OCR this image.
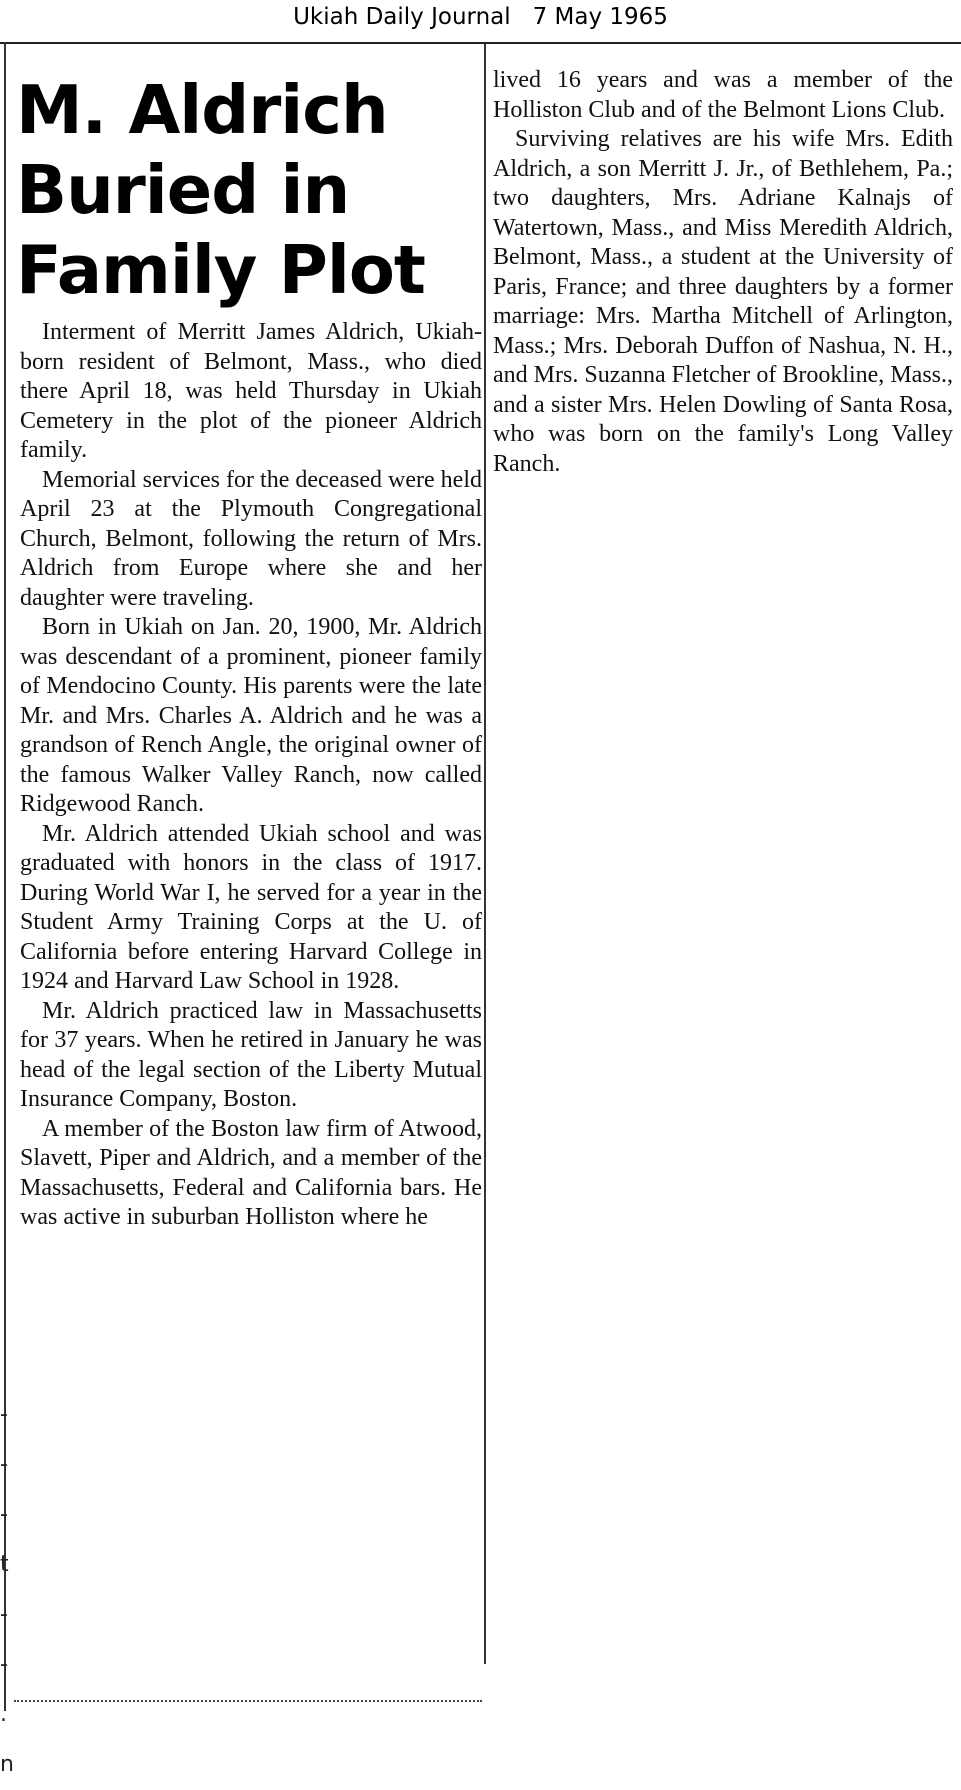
Ukiah Daily Journal 7 May 1965
M. Aldrich
Buried in
Family Plot

Interment of Merritt James Aldrich, Ukiah-born resident of Belmont, Mass., who died there April 18, was held Thursday in Ukiah Cemetery in the plot of the pioneer Aldrich family.

Memorial services for the deceased were held April 23 at the Plymouth Congregational Church, Belmont, following the return of Mrs. Aldrich from Europe where she and her daughter were traveling.

Born in Ukiah on Jan. 20, 1900, Mr. Aldrich was descendant of a prominent, pioneer family of Mendocino County. His parents were the late Mr. and Mrs. Charles A. Aldrich and he was a grandson of Rench Angle, the original owner of the famous Walker Valley Ranch, now called Ridgewood Ranch.

Mr. Aldrich attended Ukiah school and was graduated with honors in the class of 1917. During World War I, he served for a year in the Student Army Training Corps at the U. of California before entering Harvard College in 1924 and Harvard Law School in 1928.

Mr. Aldrich practiced law in Massachusetts for 37 years. When he retired in January he was head of the legal section of the Liberty Mutual Insurance Company, Boston.

A member of the Boston law firm of Atwood, Slavett, Piper and Aldrich, and a member of the Massachusetts, Federal and California bars. He was active in suburban Holliston where he

lived 16 years and was a member of the Holliston Club and of the Belmont Lions Club.

Surviving relatives are his wife Mrs. Edith Aldrich, a son Merritt J. Jr., of Bethlehem, Pa.; two daughters, Mrs. Adriane Kalnajs of Watertown, Mass., and Miss Meredith Aldrich, Belmont, Mass., a student at the University of Paris, France; and three daughters by a former marriage: Mrs. Martha Mitchell of Arlington, Mass.; Mrs. Deborah Duffon of Nashua, N. H., and Mrs. Suzanna Fletcher of Brookline, Mass., and a sister Mrs. Helen Dowling of Santa Rosa, who was born on the family's Long Valley Ranch.

-
-
-
t
-
-
.
n
